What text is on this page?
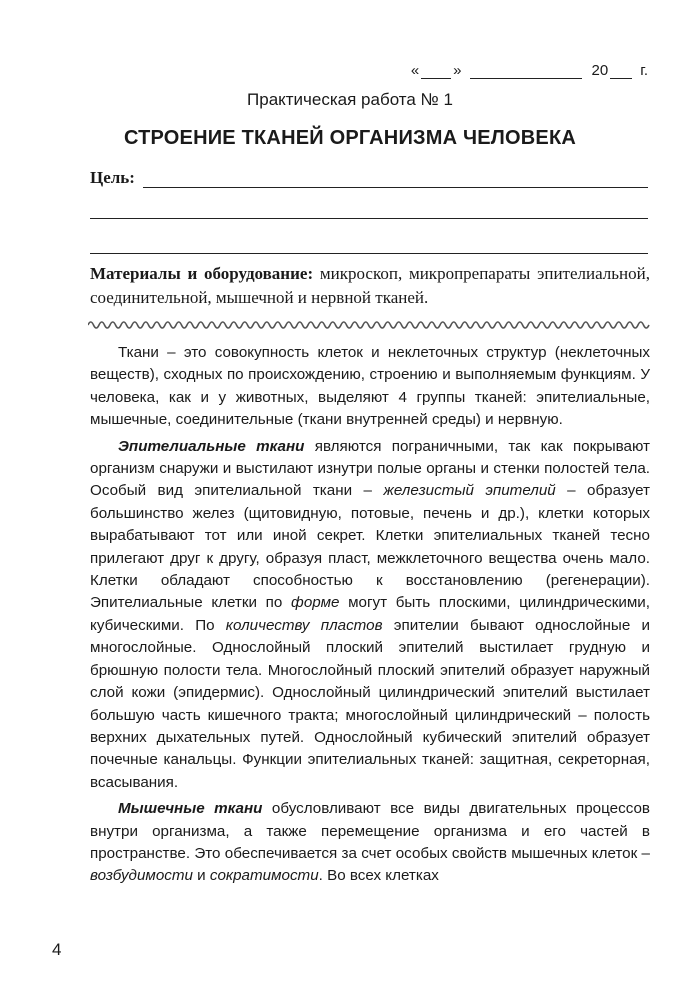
« »	20 г.
Практическая работа № 1
СТРОЕНИЕ ТКАНЕЙ ОРГАНИЗМА ЧЕЛОВЕКА
Цель:
Материалы и оборудование: микроскоп, микропрепараты эпителиальной, соединительной, мышечной и нервной тканей.

Ткани – это совокупность клеток и неклеточных структур (неклеточных веществ), сходных по происхождению, строению и выполняемым функциям. У человека, как и у животных, выделяют 4 группы тканей: эпителиальные, мышечные, соединительные (ткани внутренней среды) и нервную.

Эпителиальные ткани являются пограничными, так как покрывают организм снаружи и выстилают изнутри полые органы и стенки полостей тела. Особый вид эпителиальной ткани – железистый эпителий – образует большинство желез (щитовидную, потовые, печень и др.), клетки которых вырабатывают тот или иной секрет. Клетки эпителиальных тканей тесно прилегают друг к другу, образуя пласт, межклеточного вещества очень мало. Клетки обладают способностью к восстановлению (регенерации). Эпителиальные клетки по форме могут быть плоскими, цилиндрическими, кубическими. По количеству пластов эпителии бывают однослойные и многослойные. Однослойный плоский эпителий выстилает грудную и брюшную полости тела. Многослойный плоский эпителий образует наружный слой кожи (эпидермис). Однослойный цилиндрический эпителий выстилает большую часть кишечного тракта; многослойный цилиндрический – полость верхних дыхательных путей. Однослойный кубический эпителий образует почечные канальцы. Функции эпителиальных тканей: защитная, секреторная, всасывания.

Мышечные ткани обусловливают все виды двигательных процессов внутри организма, а также перемещение организма и его частей в пространстве. Это обеспечивается за счет особых свойств мышечных клеток – возбудимости и сократимости. Во всех клетках

4
